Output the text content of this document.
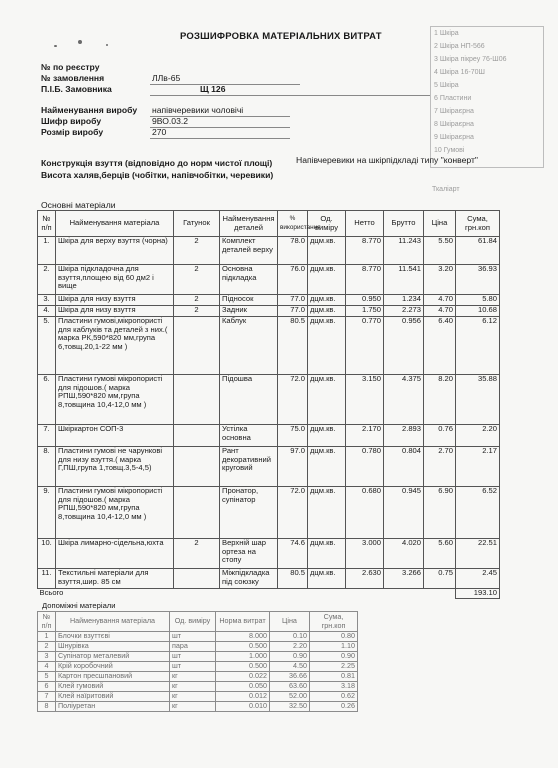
1 Шкіра
2 Шкіра НП-566
3 Шкіра пікреу 76-Ш06
4 Шкіра 16-70Ш
5 Шкіра
6 Пластини
7 Шкіраєрна
8 Шкіраєрна
9 Шкіраєрна
10 Гумові
Ткаліарт
РОЗШИФРОВКА МАТЕРІАЛЬНИХ ВИТРАТ
№ по реєстру
№ замовлення	ЛЛв-65
П.І.Б. Замовника	Щ 126
Найменування виробу напівчеревики чоловічі
Шифр виробу	9ВО.03.2
Розмір виробу	270
Конструкція взуття (відповідно до норм чистої площі)	Напівчеревики на шкірпідкладі типу "конверт"
Висота халяв,берців (чобітки, напівчобітки, черевики)
Основні матеріали
№ п/п	Найменування матеріала	Гатунок	Найменування деталей	% використання	Од. виміру	Нетто	Брутто	Ціна	Сума, грн.коп
1.	Шкіра для верху взуття (чорна)	2	Комплект деталей верху	78.0	дцм.кв.	8.770	11.243	5.50	61.84
2.	Шкіра підкладочна для взуття,площею від 60 дм2 і вище	2	Основна підкладка	76.0	дцм.кв.	8.770	11.541	3.20	36.93
3.	Шкіра для низу взуття	2	Підносок	77.0	дцм.кв.	0.950	1.234	4.70	5.80
4.	Шкіра для низу взуття	2	Задник	77.0	дцм.кв.	1.750	2.273	4.70	10.68
5.	Пластини гумові,мікропористі для каблуків та деталей з них.( марка РК,590*820 мм,група 6,товщ.20,1-22 мм )		Каблук	80.5	дцм.кв.	0.770	0.956	6.40	6.12
6.	Пластини гумові мікропористі для підошов.( марка РПШ,590*820 мм,група 8,товщина 10,4-12,0 мм )		Підошва	72.0	дцм.кв.	3.150	4.375	8.20	35.88
7.	Шкіркартон СОП-3		Устілка основна	75.0	дцм.кв.	2.170	2.893	0.76	2.20
8.	Пластини гумові не чарункові для низу взуття.( марка Г,ПШ,група 1,товщ.3,5-4,5)		Рант декоративний круговий	97.0	дцм.кв.	0.780	0.804	2.70	2.17
9.	Пластини гумові мікропористі для підошов.( марка РПШ,590*820 мм,група 8,товщина 10,4-12,0 мм )		Пронатор, супінатор	72.0	дцм.кв.	0.680	0.945	6.90	6.52
10.	Шкіра лимарно-сідельна,юхта	2	Верхній шар ортеза на стопу	74.6	дцм.кв.	3.000	4.020	5.60	22.51
11.	Текстильні матеріали для взуття,шир. 85 см		Міжпідкладка під союзку	80.5	дцм.кв.	2.630	3.266	0.75	2.45
Всього									193.10
Допоміжні матеріали
№ п/п	Найменування матеріала	Од. виміру	Норма витрат	Ціна	Сума, грн.коп
1	Блочки взуттєві	шт	8.000	0.10	0.80
2	Шнурівка	пара	0.500	2.20	1.10
3	Супінатор металевий	шт	1.000	0.90	0.90
4	Крій коробочний	шт	0.500	4.50	2.25
5	Картон пресшпановий	кг	0.022	36.66	0.81
6	Клей гумовий	кг	0.050	63.60	3.18
7	Клей наїритовий	кг	0.012	52.00	0.62
8	Поліуретан	кг	0.010	32.50	0.26
